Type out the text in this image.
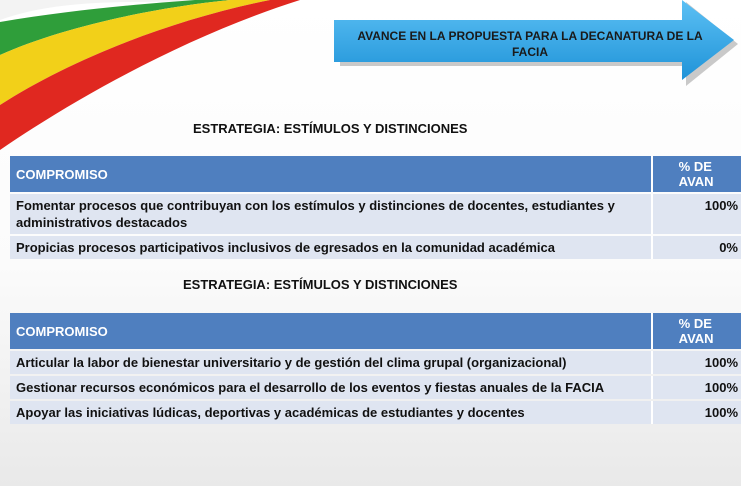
AVANCE EN LA PROPUESTA PARA LA DECANATURA DE LA FACIA
ESTRATEGIA: ESTÍMULOS Y DISTINCIONES
COMPROMISO	% DE AVAN
Fomentar procesos que contribuyan con los estímulos y distinciones de docentes, estudiantes y administrativos destacados	100%
Propicias procesos participativos inclusivos de egresados en la comunidad académica	0%
ESTRATEGIA: ESTÍMULOS Y DISTINCIONES
COMPROMISO	% DE AVAN
Articular la labor de bienestar universitario y de gestión del clima grupal (organizacional)	100%
Gestionar recursos económicos para el desarrollo de los eventos y fiestas anuales de la FACIA	100%
Apoyar las iniciativas lúdicas, deportivas y académicas de estudiantes y docentes	100%
